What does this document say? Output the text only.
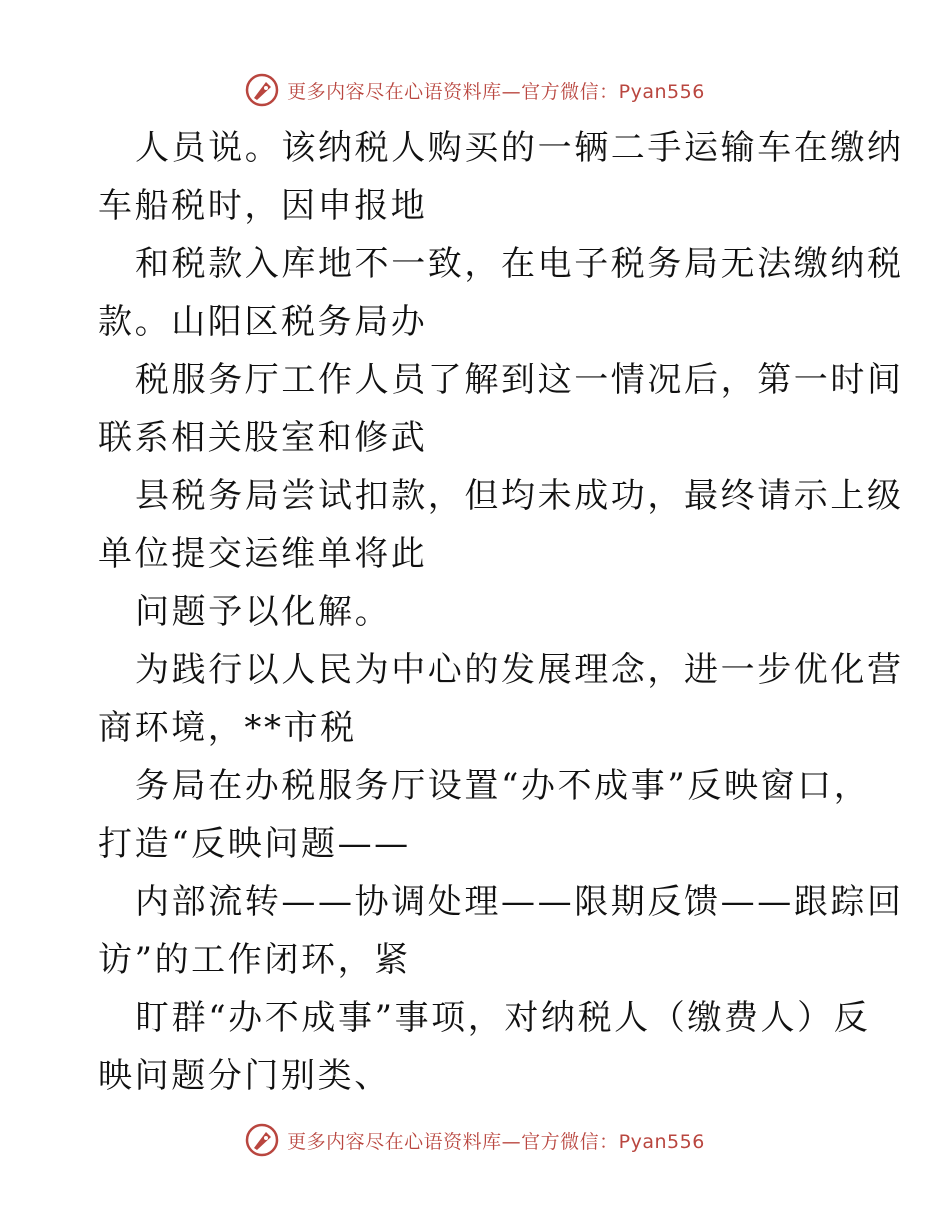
更多内容尽在心语资料库—官方微信：Pyan556
人员说。该纳税人购买的一辆二手运输车在缴纳
车船税时，因申报地
和税款入库地不一致，在电子税务局无法缴纳税
款。山阳区税务局办
税服务厅工作人员了解到这一情况后，第一时间
联系相关股室和修武
县税务局尝试扣款，但均未成功，最终请示上级
单位提交运维单将此
问题予以化解。
为践行以人民为中心的发展理念，进一步优化营
商环境，**市税
务局在办税服务厅设置“办不成事”反映窗口，
打造“反映问题——
内部流转——协调处理——限期反馈——跟踪回
访”的工作闭环，紧
盯群“办不成事”事项，对纳税人（缴费人）反
映问题分门别类、
更多内容尽在心语资料库—官方微信：Pyan556
